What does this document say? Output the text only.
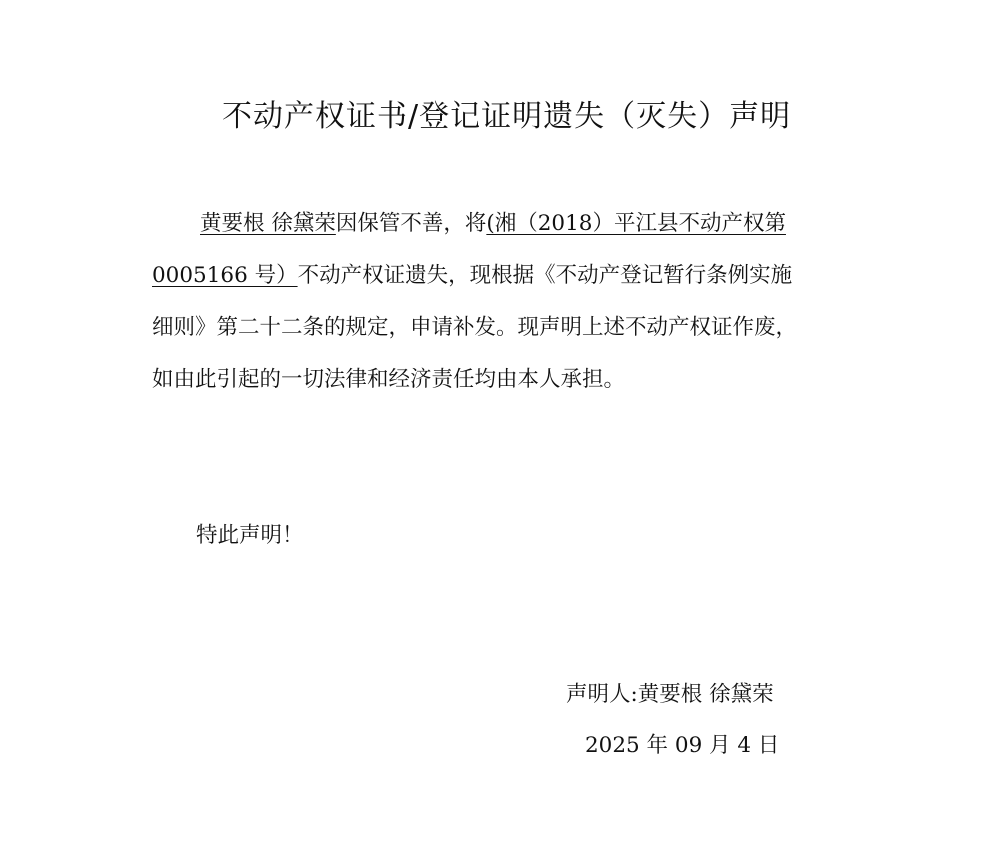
不动产权证书/登记证明遗失（灭失）声明
黄要根 徐黛荣因保管不善，将(湘（2018）平江县不动产权第
0005166 号）不动产权证遗失，现根据《不动产登记暂行条例实施
细则》第二十二条的规定，申请补发。现声明上述不动产权证作废，
如由此引起的一切法律和经济责任均由本人承担。
特此声明！
声明人:黄要根 徐黛荣
2025 年 09 月 4 日
